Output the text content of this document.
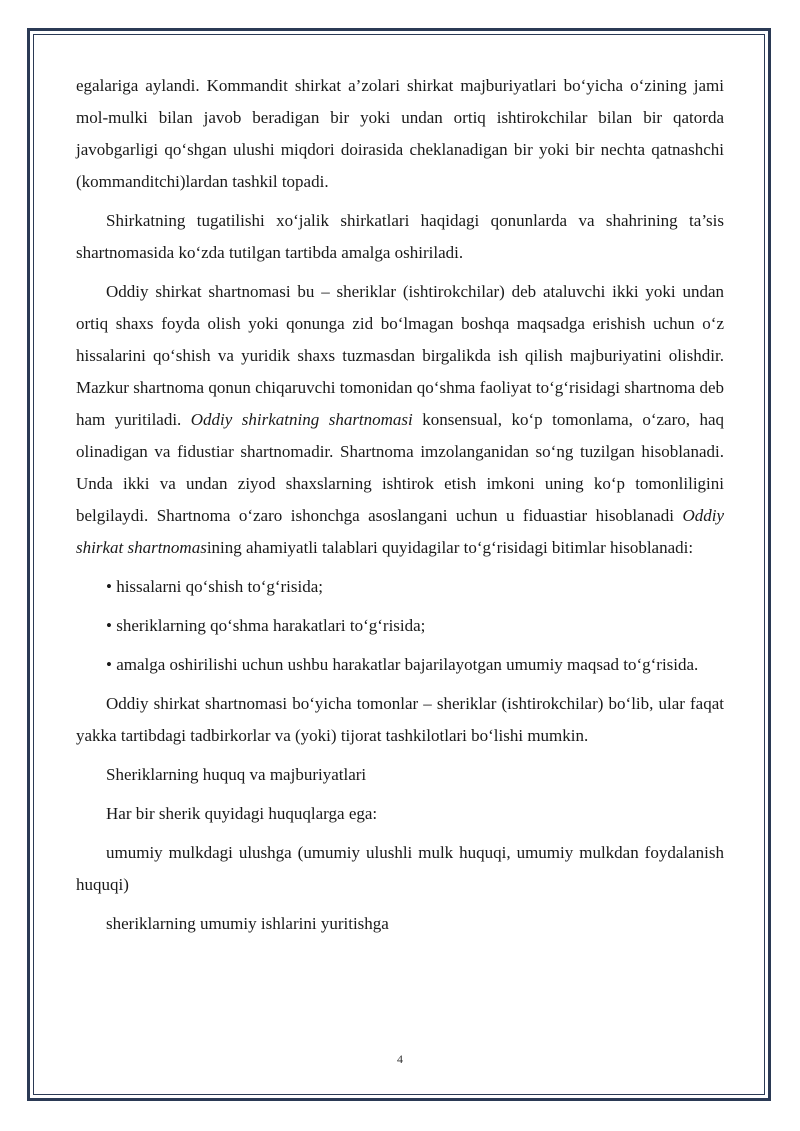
egalariga aylandi. Kommandit shirkat a’zolari shirkat majburiyatlari bo‘yicha o‘zining jami mol-mulki bilan javob beradigan bir yoki undan ortiq ishtirokchilar bilan bir qatorda javobgarligi qo‘shgan ulushi miqdori doirasida cheklanadigan bir yoki bir nechta qatnashchi (kommanditchi)lardan tashkil topadi.

Shirkatning tugatilishi xo‘jalik shirkatlari haqidagi qonunlarda va shahrining ta’sis shartnomasida ko‘zda tutilgan tartibda amalga oshiriladi.

Oddiy shirkat shartnomasi bu – sheriklar (ishtirokchilar) deb ataluvchi ikki yoki undan ortiq shaxs foyda olish yoki qonunga zid bo‘lmagan boshqa maqsadga erishish uchun o‘z hissalarini qo‘shish va yuridik shaxs tuzmasdan birgalikda ish qilish majburiyatini olishdir. Mazkur shartnoma qonun chiqaruvchi tomonidan qo‘shma faoliyat to‘g‘risidagi shartnoma deb ham yuritiladi. Oddiy shirkatning shartnomasi konsensual, ko‘p tomonlama, o‘zaro, haq olinadigan va fidustiar shartnomadir. Shartnoma imzolanganidan so‘ng tuzilgan hisoblanadi. Unda ikki va undan ziyod shaxslarning ishtirok etish imkoni uning ko‘p tomonliligini belgilaydi. Shartnoma o‘zaro ishonchga asoslangani uchun u fiduastiar hisoblanadi Oddiy shirkat shartnomasining ahamiyatli talablari quyidagilar to‘g‘risidagi bitimlar hisoblanadi:

• hissalarni qo‘shish to‘g‘risida;

• sheriklarning qo‘shma harakatlari to‘g‘risida;

• amalga oshirilishi uchun ushbu harakatlar bajarilayotgan umumiy maqsad to‘g‘risida.

Oddiy shirkat shartnomasi bo‘yicha tomonlar – sheriklar (ishtirokchilar) bo‘lib, ular faqat yakka tartibdagi tadbirkorlar va (yoki) tijorat tashkilotlari bo‘lishi mumkin.

Sheriklarning huquq va majburiyatlari

Har bir sherik quyidagi huquqlarga ega:

umumiy mulkdagi ulushga (umumiy ulushli mulk huquqi, umumiy mulkdan foydalanish huquqi)

sheriklarning umumiy ishlarini yuritishga

4
